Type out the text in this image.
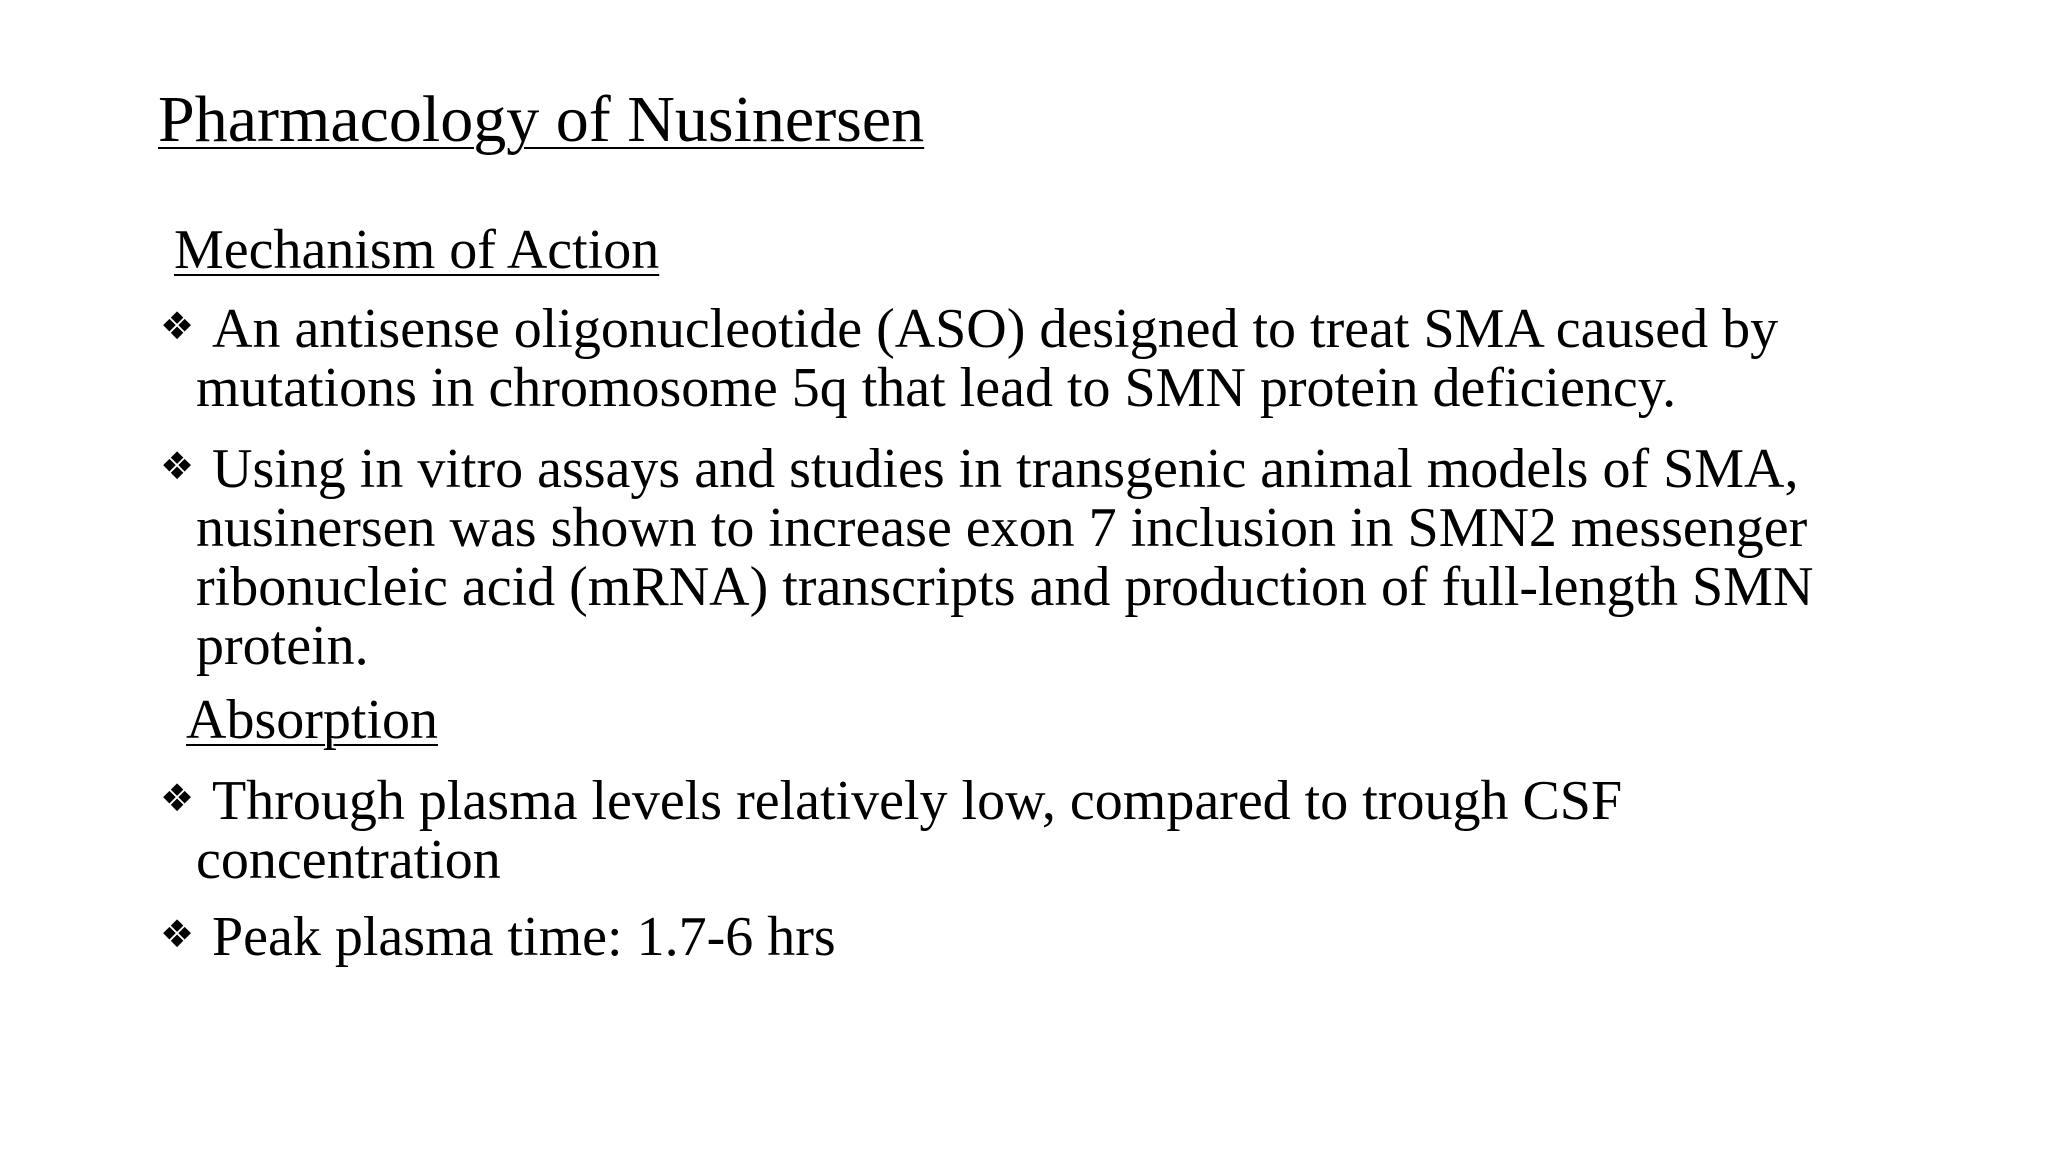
Pharmacology of Nusinersen
Mechanism of Action
❖ An antisense oligonucleotide (ASO) designed to treat SMA caused by mutations in chromosome 5q that lead to SMN protein deficiency.
❖ Using in vitro assays and studies in transgenic animal models of SMA, nusinersen was shown to increase exon 7 inclusion in SMN2 messenger ribonucleic acid (mRNA) transcripts and production of full-length SMN protein.
Absorption
❖ Through plasma levels relatively low, compared to trough CSF concentration
❖ Peak plasma time: 1.7-6 hrs
